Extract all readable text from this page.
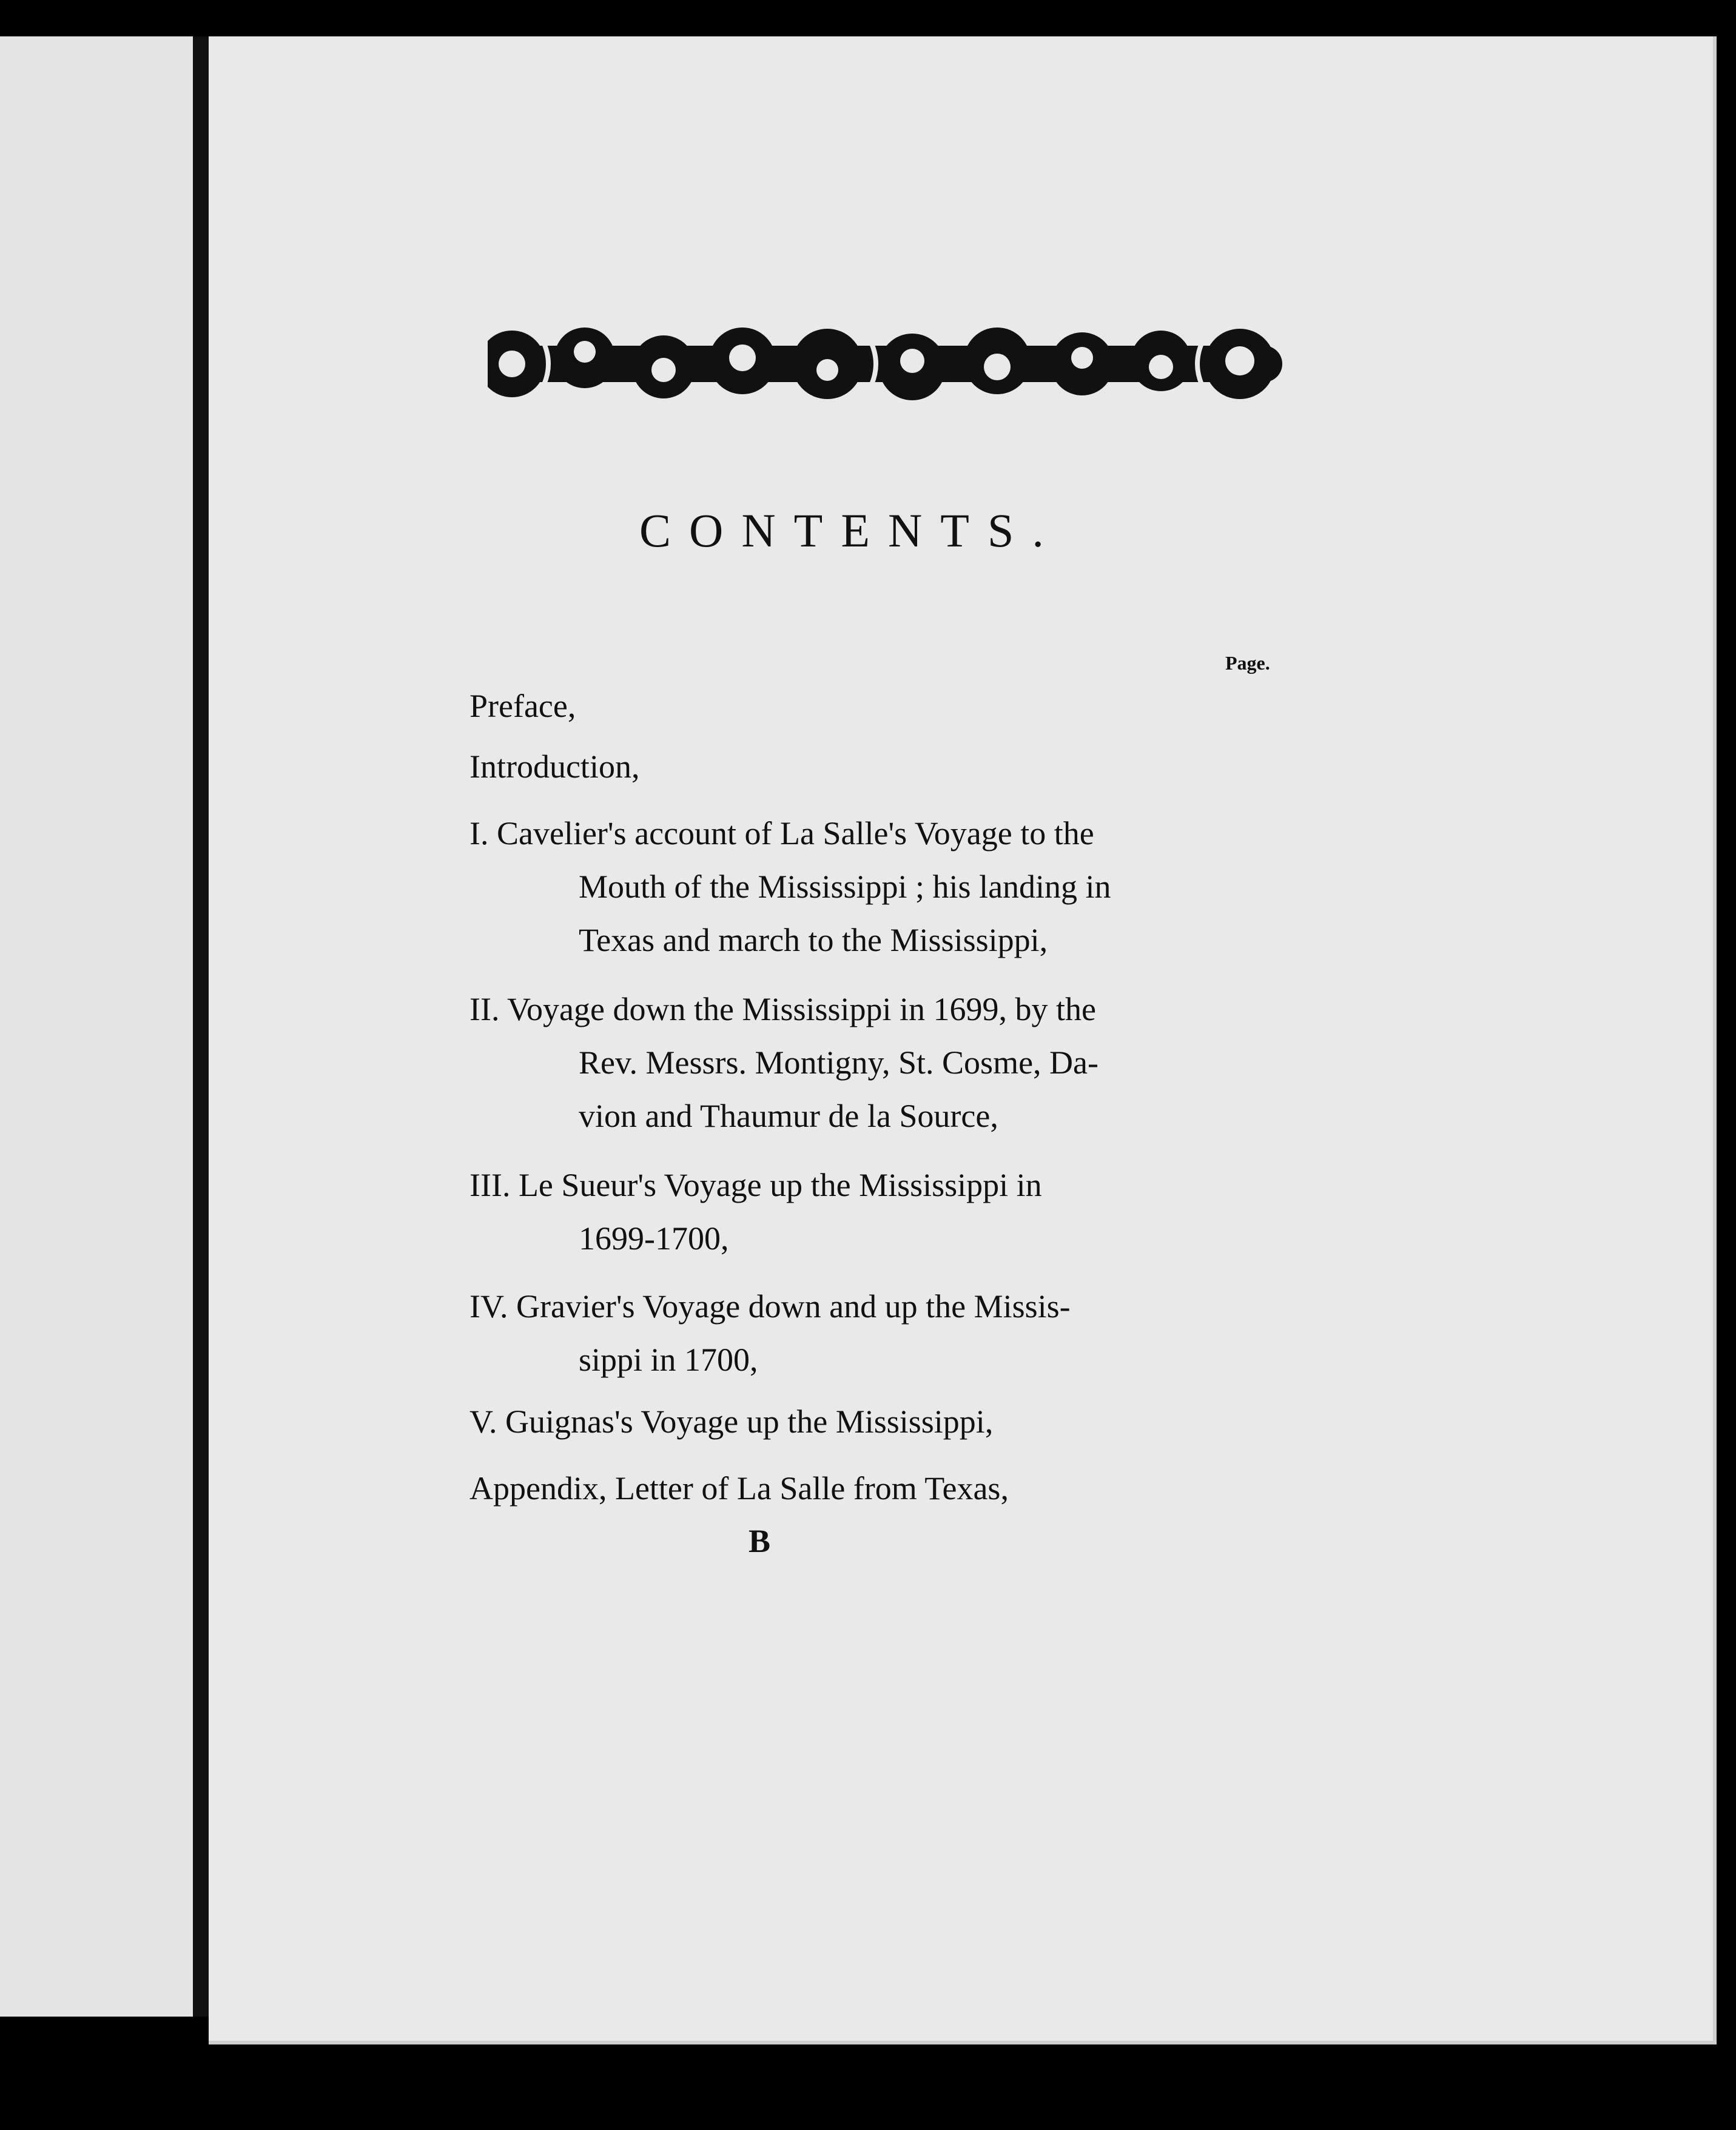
CONTENTS.
Page.
B
Preface,
Introduction,
I. Cavelier's account of La Salle's Voyage to the
Mouth of the Mississippi ; his landing in
Texas and march to the Mississippi,
II. Voyage down the Mississippi in 1699, by the
Rev. Messrs. Montigny, St. Cosme, Da-
vion and Thaumur de la Source,
III. Le Sueur's Voyage up the Mississippi in
1699-1700,
IV. Gravier's Voyage down and up the Missis-
sippi in 1700,
V. Guignas's Voyage up the Mississippi,
Appendix, Letter of La Salle from Texas,
